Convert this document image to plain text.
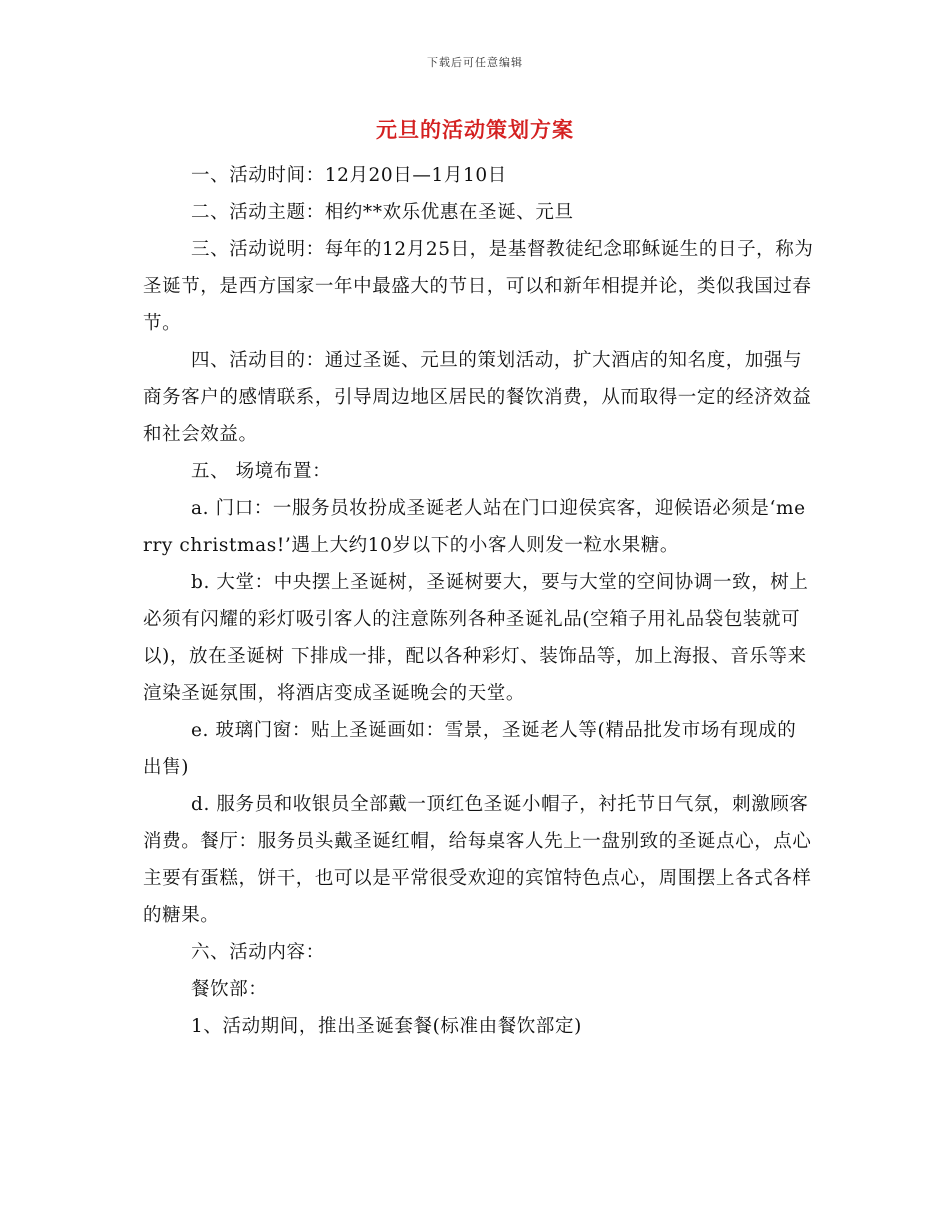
下载后可任意编辑
元旦的活动策划方案

一、活动时间：12月20日—1月10日

二、活动主题：相约**欢乐优惠在圣诞、元旦

三、活动说明：每年的12月25日，是基督教徒纪念耶稣诞生的日子，称为圣诞节，是西方国家一年中最盛大的节日，可以和新年相提并论，类似我国过春节。

四、活动目的：通过圣诞、元旦的策划活动，扩大酒店的知名度，加强与商务客户的感情联系，引导周边地区居民的餐饮消费，从而取得一定的经济效益和社会效益。

五、 场境布置：

a. 门口：一服务员妆扮成圣诞老人站在门口迎侯宾客，迎候语必须是‘merry christmas!’遇上大约10岁以下的小客人则发一粒水果糖。

b. 大堂：中央摆上圣诞树，圣诞树要大，要与大堂的空间协调一致，树上必须有闪耀的彩灯吸引客人的注意陈列各种圣诞礼品(空箱子用礼品袋包装就可以)，放在圣诞树 下排成一排，配以各种彩灯、装饰品等，加上海报、音乐等来渲染圣诞氛围，将酒店变成圣诞晚会的天堂。

e. 玻璃门窗：贴上圣诞画如：雪景，圣诞老人等(精品批发市场有现成的出售)

d. 服务员和收银员全部戴一顶红色圣诞小帽子，衬托节日气氛，刺激顾客消费。餐厅：服务员头戴圣诞红帽，给每桌客人先上一盘别致的圣诞点心，点心主要有蛋糕，饼干，也可以是平常很受欢迎的宾馆特色点心，周围摆上各式各样的糖果。

六、活动内容：

餐饮部：

1、活动期间，推出圣诞套餐(标准由餐饮部定)
